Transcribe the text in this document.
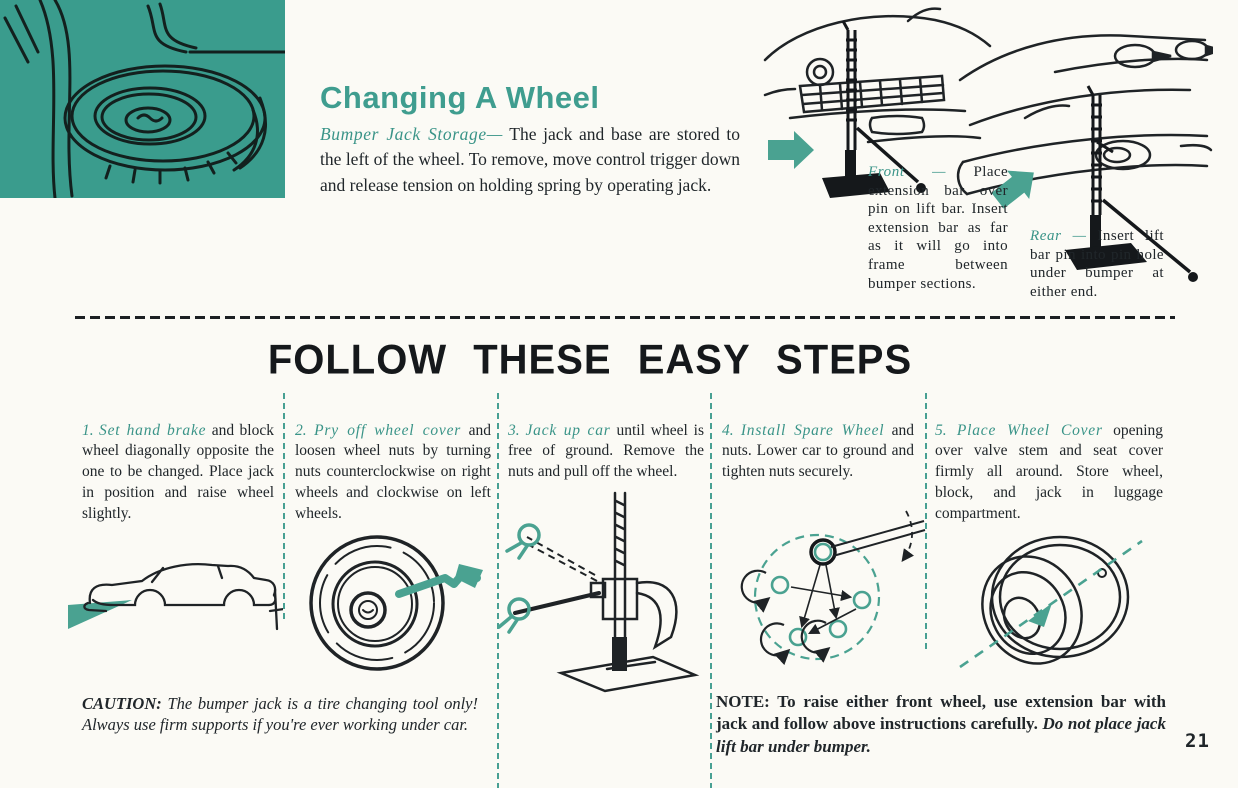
Changing A Wheel

Bumper Jack Storage— The jack and base are stored to the left of the wheel. To remove, move control trigger down and release tension on holding spring by operating jack.

Front — Place extension bar over pin on lift bar. Insert extension bar as far as it will go into frame between bumper sections.

Rear — Insert lift bar pin into pin hole under bumper at either end.

FOLLOW THESE EASY STEPS

1. Set hand brake and block wheel diagonally opposite the one to be changed. Place jack in position and raise wheel slightly.

2. Pry off wheel cover and loosen wheel nuts by turning nuts counterclockwise on right wheels and clockwise on left wheels.

3. Jack up car until wheel is free of ground. Remove the nuts and pull off the wheel.

4. Install Spare Wheel and nuts. Lower car to ground and tighten nuts securely.

5. Place Wheel Cover opening over valve stem and seat cover firmly all around. Store wheel, block, and jack in luggage compartment.

CAUTION: The bumper jack is a tire changing tool only! Always use firm supports if you're ever working under car.

NOTE: To raise either front wheel, use extension bar with jack and follow above instructions carefully. Do not place jack lift bar under bumper.	21
